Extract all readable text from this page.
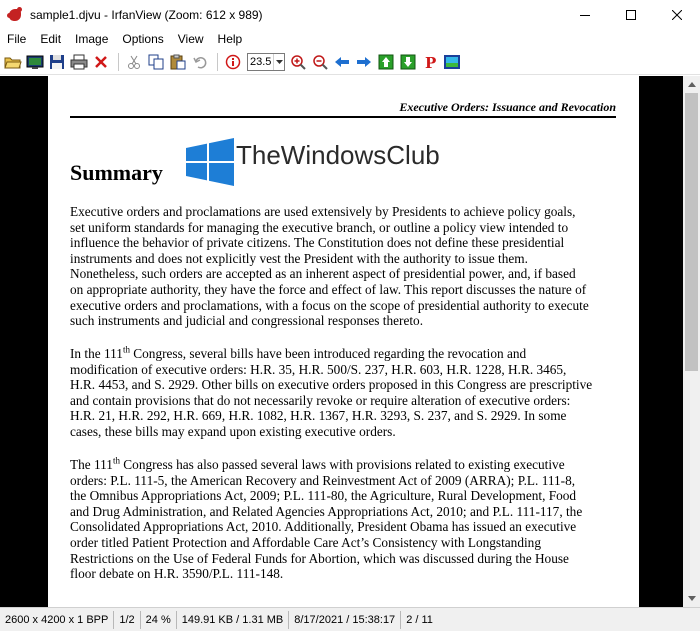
sample1.djvu - IrfanView (Zoom: 612 x 989)
File	Edit	Image	Options	View	Help
23.5	P
Executive Orders: Issuance and Revocation
Summary
TheWindowsClub
Executive orders and proclamations are used extensively by Presidents to achieve policy goals,
set uniform standards for managing the executive branch, or outline a policy view intended to
influence the behavior of private citizens. The Constitution does not define these presidential
instruments and does not explicitly vest the President with the authority to issue them.
Nonetheless, such orders are accepted as an inherent aspect of presidential power, and, if based
on appropriate authority, they have the force and effect of law. This report discusses the nature of
executive orders and proclamations, with a focus on the scope of presidential authority to execute
such instruments and judicial and congressional responses thereto.
In the 111th Congress, several bills have been introduced regarding the revocation and
modification of executive orders: H.R. 35, H.R. 500/S. 237, H.R. 603, H.R. 1228, H.R. 3465,
H.R. 4453, and S. 2929. Other bills on executive orders proposed in this Congress are prescriptive
and contain provisions that do not necessarily revoke or require alteration of executive orders:
H.R. 21, H.R. 292, H.R. 669, H.R. 1082, H.R. 1367, H.R. 3293, S. 237, and S. 2929. In some
cases, these bills may expand upon existing executive orders.
The 111th Congress has also passed several laws with provisions related to existing executive
orders: P.L. 111-5, the American Recovery and Reinvestment Act of 2009 (ARRA); P.L. 111-8,
the Omnibus Appropriations Act, 2009; P.L. 111-80, the Agriculture, Rural Development, Food
and Drug Administration, and Related Agencies Appropriations Act, 2010; and P.L. 111-117, the
Consolidated Appropriations Act, 2010. Additionally, President Obama has issued an executive
order titled Patient Protection and Affordable Care Act’s Consistency with Longstanding
Restrictions on the Use of Federal Funds for Abortion, which was discussed during the House
floor debate on H.R. 3590/P.L. 111-148.
2600 x 4200 x 1 BPP	1/2	24 %	149.91 KB / 1.31 MB	8/17/2021 / 15:38:17	2 / 11
